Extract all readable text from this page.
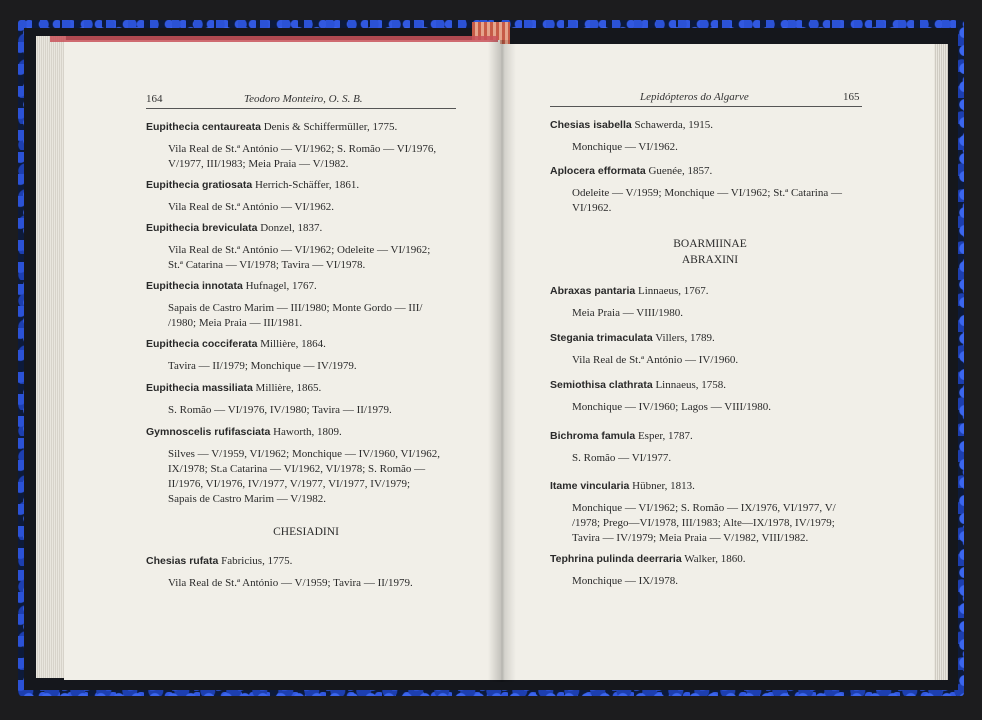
164	Teodoro Monteiro, O. S. B.
Eupithecia centaureata Denis & Schiffermüller, 1775.
Vila Real de St.ª António — VI/1962; S. Romão — VI/1976,
V/1977, III/1983; Meia Praia — V/1982.
Eupithecia gratiosata Herrich-Schäffer, 1861.
Vila Real de St.ª António — VI/1962.
Eupithecia breviculata Donzel, 1837.
Vila Real de St.ª António — VI/1962; Odeleite — VI/1962;
St.ª Catarina — VI/1978; Tavira — VI/1978.
Eupithecia innotata Hufnagel, 1767.
Sapais de Castro Marim — III/1980; Monte Gordo — III/
/1980; Meia Praia — III/1981.
Eupithecia cocciferata Millière, 1864.
Tavira — II/1979; Monchique — IV/1979.
Eupithecia massiliata Millière, 1865.
S. Romão — VI/1976, IV/1980; Tavira — II/1979.
Gymnoscelis rufifasciata Haworth, 1809.
Silves — V/1959, VI/1962; Monchique — IV/1960, VI/1962,
IX/1978; St.a Catarina — VI/1962, VI/1978; S. Romão —
II/1976, VI/1976, IV/1977, V/1977, VI/1977, IV/1979;
Sapais de Castro Marim — V/1982.
CHESIADINI
Chesias rufata Fabricius, 1775.
Vila Real de St.ª António — V/1959; Tavira — II/1979.
Lepidópteros do Algarve	165
Chesias isabella Schawerda, 1915.
Monchique — VI/1962.
Aplocera efformata Guenée, 1857.
Odeleite — V/1959; Monchique — VI/1962; St.ª Catarina —
VI/1962.
BOARMIINAE
ABRAXINI
Abraxas pantaria Linnaeus, 1767.
Meia Praia — VIII/1980.
Stegania trimaculata Villers, 1789.
Vila Real de St.ª António — IV/1960.
Semiothisa clathrata Linnaeus, 1758.
Monchique — IV/1960; Lagos — VIII/1980.
Bichroma famula Esper, 1787.
S. Romão — VI/1977.
Itame vincularia Hübner, 1813.
Monchique — VI/1962; S. Romão — IX/1976, VI/1977, V/
/1978; Prego—VI/1978, III/1983; Alte—IX/1978, IV/1979;
Tavira — IV/1979; Meia Praia — V/1982, VIII/1982.
Tephrina pulinda deerraria Walker, 1860.
Monchique — IX/1978.
